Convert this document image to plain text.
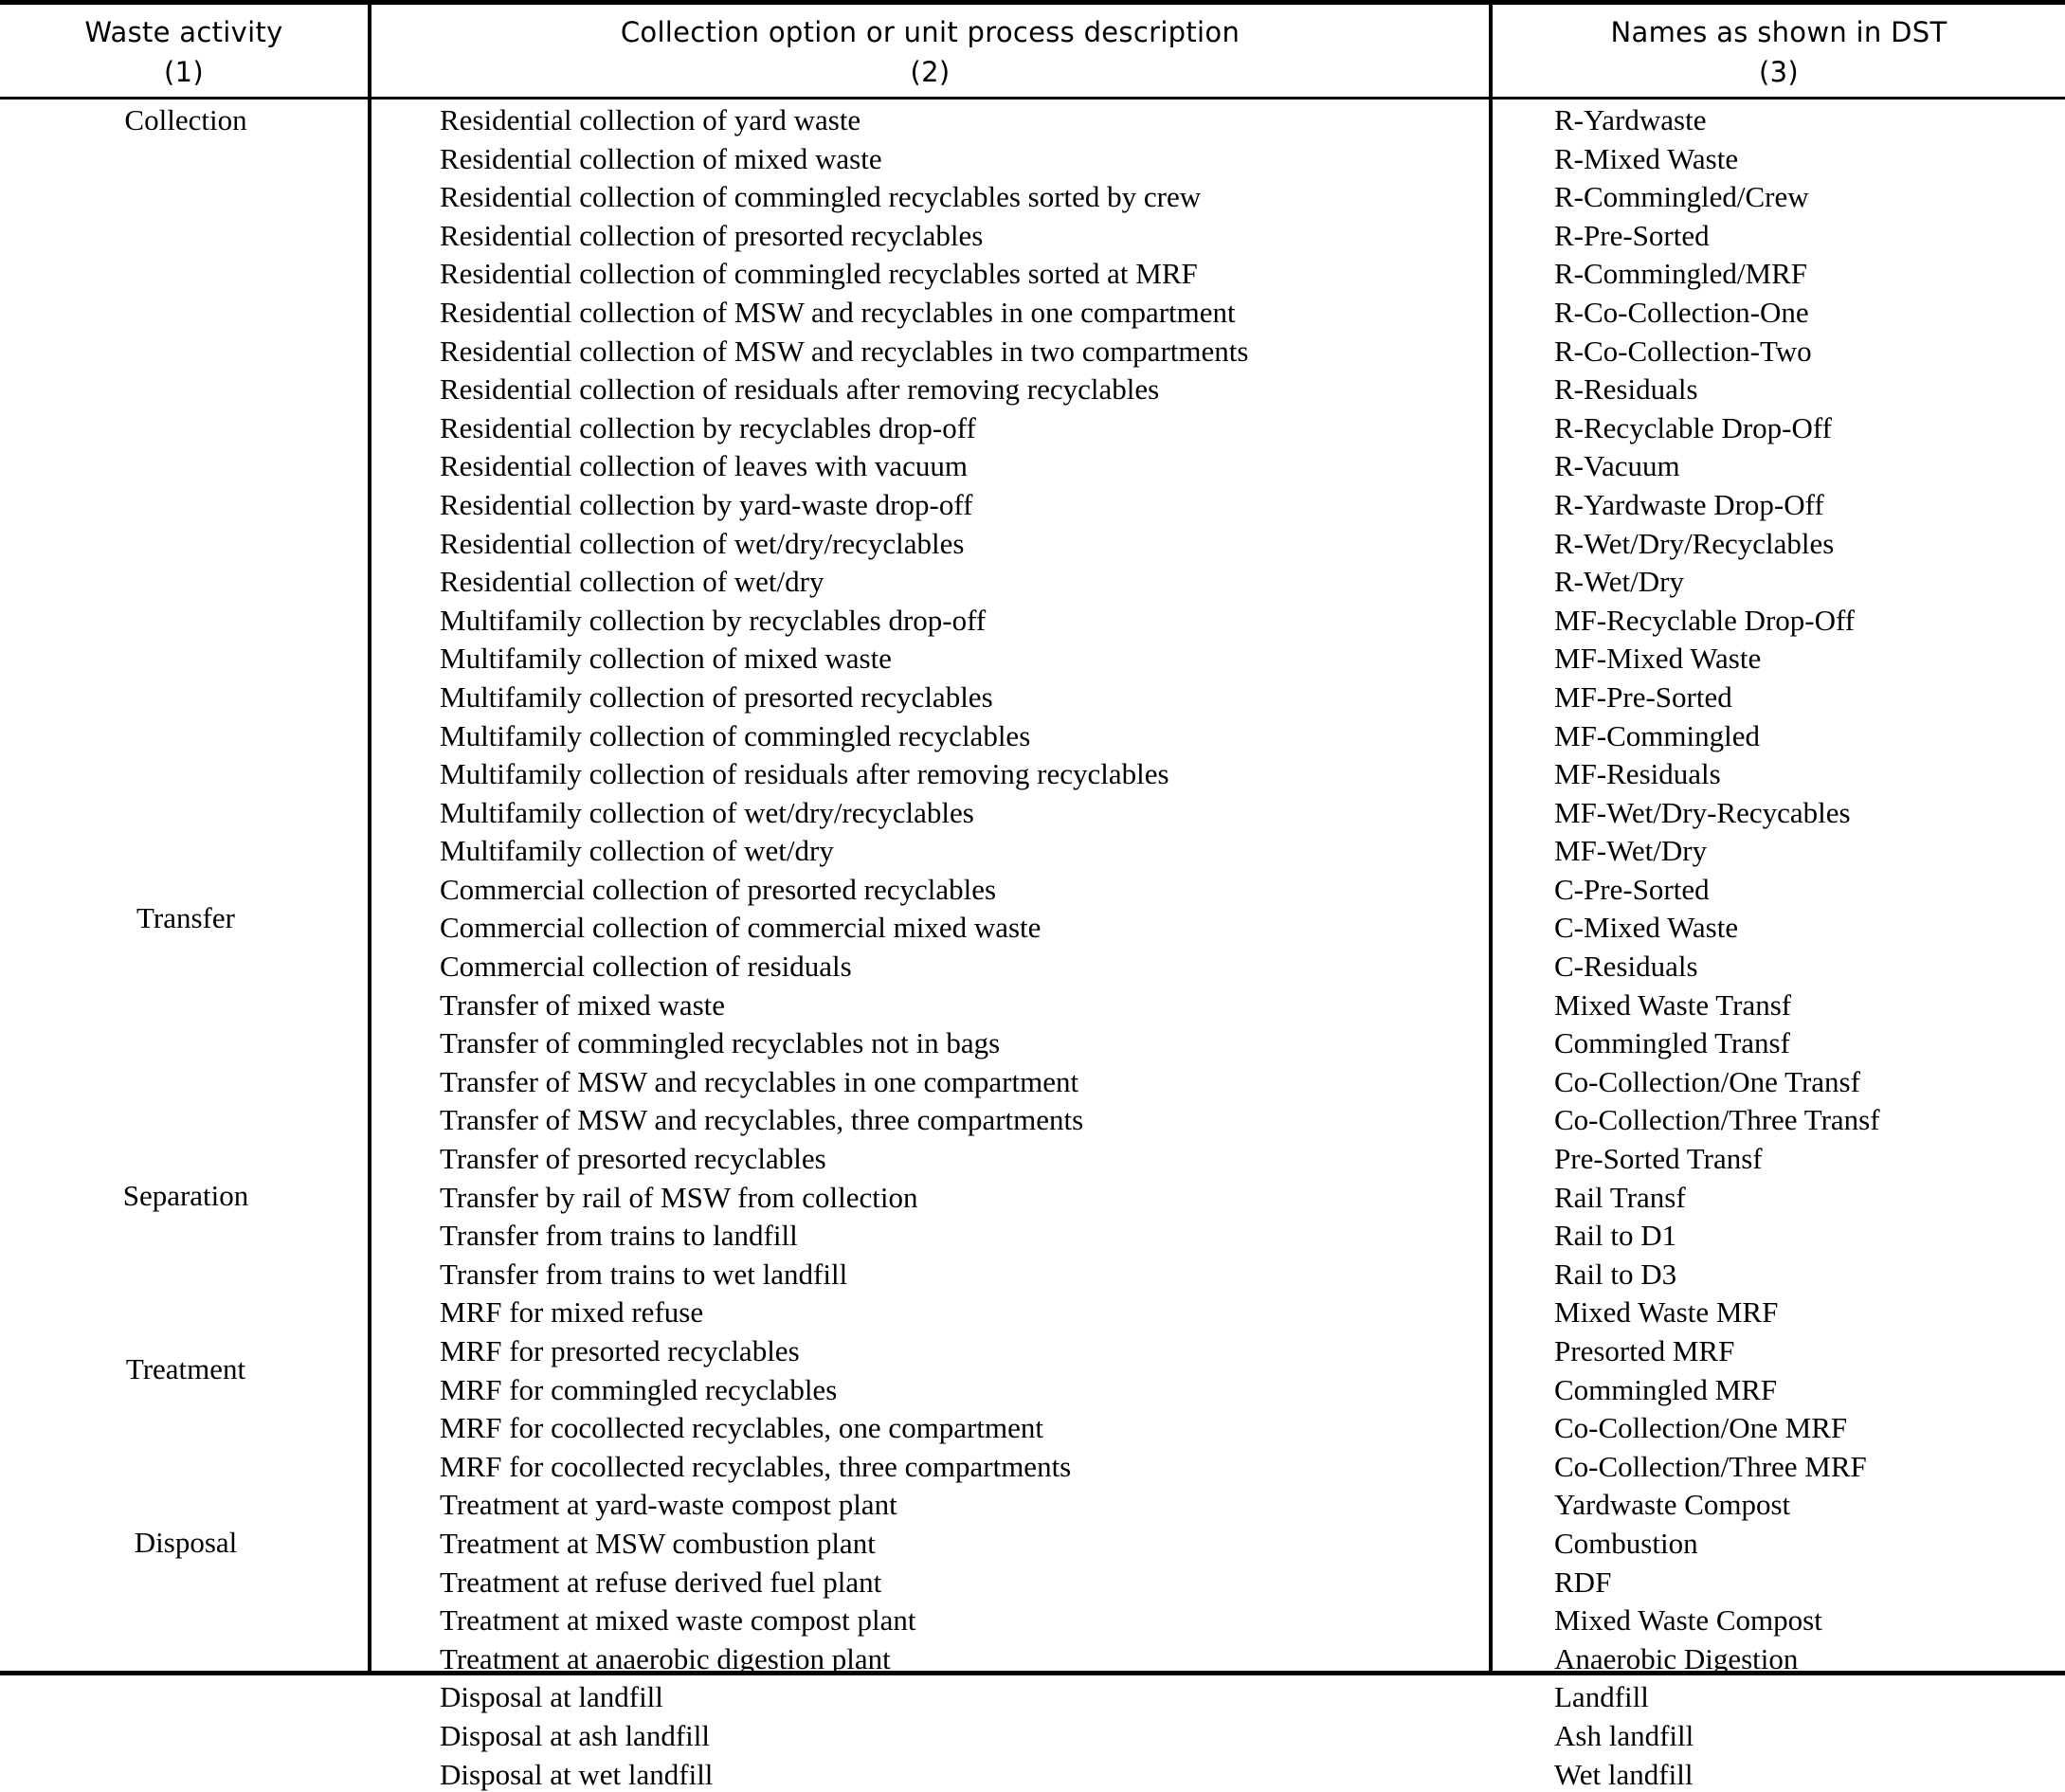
Waste activity
(1)
Collection option or unit process description
(2)
Names as shown in DST
(3)
Collection
Transfer
Separation
Treatment
Disposal
Residential collection of yard waste
Residential collection of mixed waste
Residential collection of commingled recyclables sorted by crew
Residential collection of presorted recyclables
Residential collection of commingled recyclables sorted at MRF
Residential collection of MSW and recyclables in one compartment
Residential collection of MSW and recyclables in two compartments
Residential collection of residuals after removing recyclables
Residential collection by recyclables drop-off
Residential collection of leaves with vacuum
Residential collection by yard-waste drop-off
Residential collection of wet/dry/recyclables
Residential collection of wet/dry
Multifamily collection by recyclables drop-off
Multifamily collection of mixed waste
Multifamily collection of presorted recyclables
Multifamily collection of commingled recyclables
Multifamily collection of residuals after removing recyclables
Multifamily collection of wet/dry/recyclables
Multifamily collection of wet/dry
Commercial collection of presorted recyclables
Commercial collection of commercial mixed waste
Commercial collection of residuals
Transfer of mixed waste
Transfer of commingled recyclables not in bags
Transfer of MSW and recyclables in one compartment
Transfer of MSW and recyclables, three compartments
Transfer of presorted recyclables
Transfer by rail of MSW from collection
Transfer from trains to landfill
Transfer from trains to wet landfill
MRF for mixed refuse
MRF for presorted recyclables
MRF for commingled recyclables
MRF for cocollected recyclables, one compartment
MRF for cocollected recyclables, three compartments
Treatment at yard-waste compost plant
Treatment at MSW combustion plant
Treatment at refuse derived fuel plant
Treatment at mixed waste compost plant
Treatment at anaerobic digestion plant
Disposal at landfill
Disposal at ash landfill
Disposal at wet landfill
R-Yardwaste
R-Mixed Waste
R-Commingled/Crew
R-Pre-Sorted
R-Commingled/MRF
R-Co-Collection-One
R-Co-Collection-Two
R-Residuals
R-Recyclable Drop-Off
R-Vacuum
R-Yardwaste Drop-Off
R-Wet/Dry/Recyclables
R-Wet/Dry
MF-Recyclable Drop-Off
MF-Mixed Waste
MF-Pre-Sorted
MF-Commingled
MF-Residuals
MF-Wet/Dry-Recycables
MF-Wet/Dry
C-Pre-Sorted
C-Mixed Waste
C-Residuals
Mixed Waste Transf
Commingled Transf
Co-Collection/One Transf
Co-Collection/Three Transf
Pre-Sorted Transf
Rail Transf
Rail to D1
Rail to D3
Mixed Waste MRF
Presorted MRF
Commingled MRF
Co-Collection/One MRF
Co-Collection/Three MRF
Yardwaste Compost
Combustion
RDF
Mixed Waste Compost
Anaerobic Digestion
Landfill
Ash landfill
Wet landfill
